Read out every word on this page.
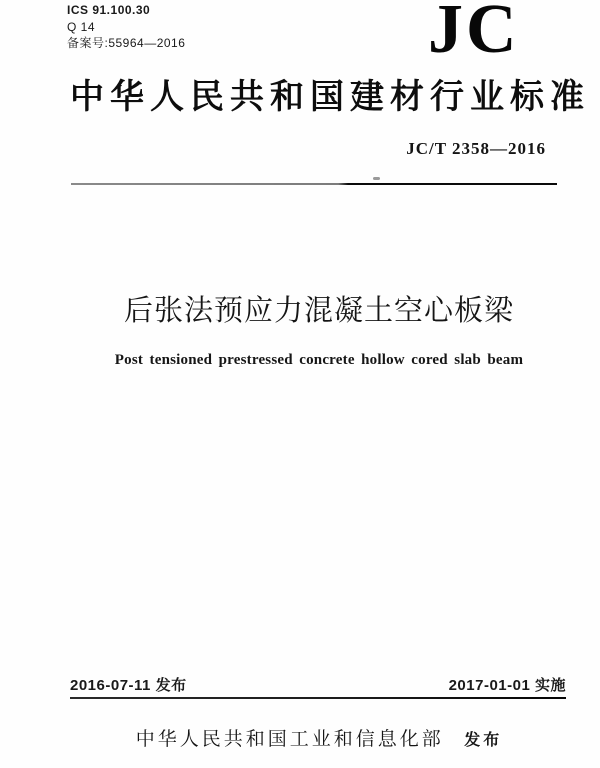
ICS 91.100.30
Q 14
备案号:55964—2016	JC
中华人民共和国建材行业标准
JC/T 2358—2016
后张法预应力混凝土空心板梁
Post tensioned prestressed concrete hollow cored slab beam
2016-07-11 发布	2017-01-01 实施
中华人民共和国工业和信息化部 发布
